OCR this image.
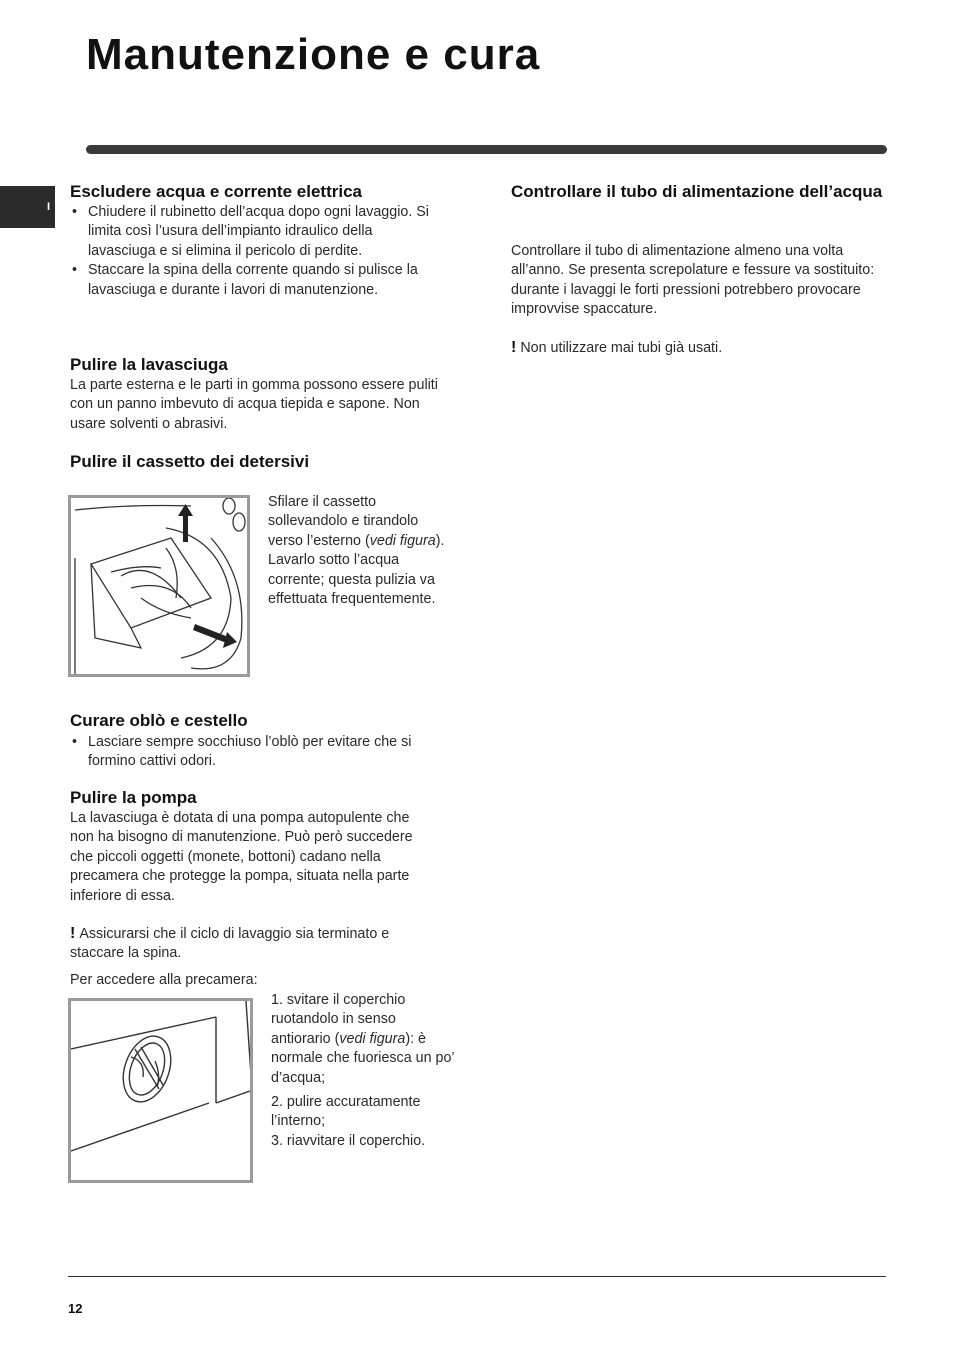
Manutenzione e cura
I
Escludere acqua e corrente elettrica
• Chiudere il rubinetto dell’acqua dopo ogni lavaggio. Si limita così l’usura dell’impianto idraulico della lavasciuga e si elimina il pericolo di perdite.
• Staccare la spina della corrente quando si pulisce la lavasciuga e durante i lavori di manutenzione.
Pulire la lavasciuga

La parte esterna e le parti in gomma possono essere puliti con un panno imbevuto di acqua tiepida e sapone. Non usare solventi o abrasivi.

Pulire il cassetto dei detersivi

Sfilare il cassetto sollevandolo e tirandolo verso l’esterno (vedi figura). Lavarlo sotto l’acqua corrente; questa pulizia va effettuata frequentemente.

Curare oblò e cestello
• Lasciare sempre socchiuso l’oblò per evitare che si formino cattivi odori.
Pulire la pompa

La lavasciuga è dotata di una pompa autopulente che non ha bisogno di manutenzione. Può però succedere che piccoli oggetti (monete, bottoni) cadano nella precamera che protegge la pompa, situata nella parte inferiore di essa.

! Assicurarsi che il ciclo di lavaggio sia terminato e staccare la spina.

Per accedere alla precamera:

1. svitare il coperchio ruotandolo in senso antiorario (vedi figura): è normale che fuoriesca un po’ d’acqua;

2. pulire accuratamente l’interno;

3. riavvitare il coperchio.

Controllare il tubo di alimentazione dell’acqua

Controllare il tubo di alimentazione almeno una volta all’anno. Se presenta screpolature e fessure va sostituito: durante i lavaggi le forti pressioni potrebbero provocare improvvise spaccature.

! Non utilizzare mai tubi già usati.

12
